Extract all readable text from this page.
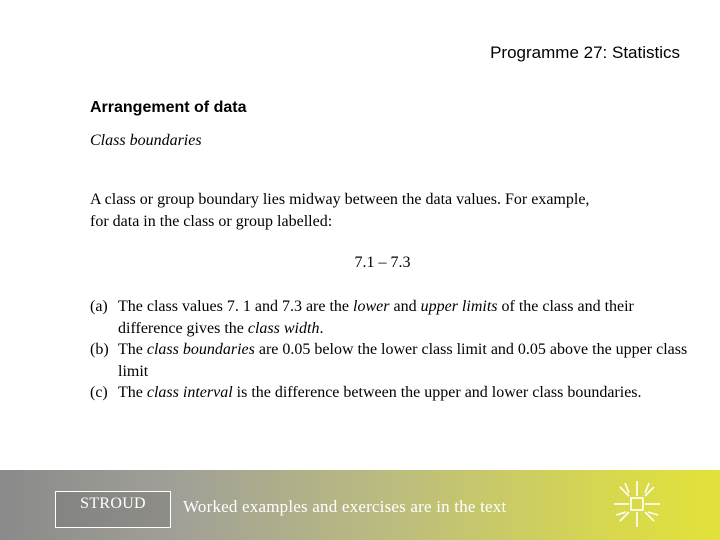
Programme 27: Statistics
Arrangement of data
Class boundaries
A class or group boundary lies midway between the data values. For example,
for data in the class or group labelled:
7.1 – 7.3
(a) The class values 7. 1 and 7.3 are the lower and upper limits of the class and their difference gives the class width.
(b) The class boundaries are 0.05 below the lower class limit and 0.05 above the upper class limit
(c) The class interval is the difference between the upper and lower class boundaries.
STROUD	Worked examples and exercises are in the text
